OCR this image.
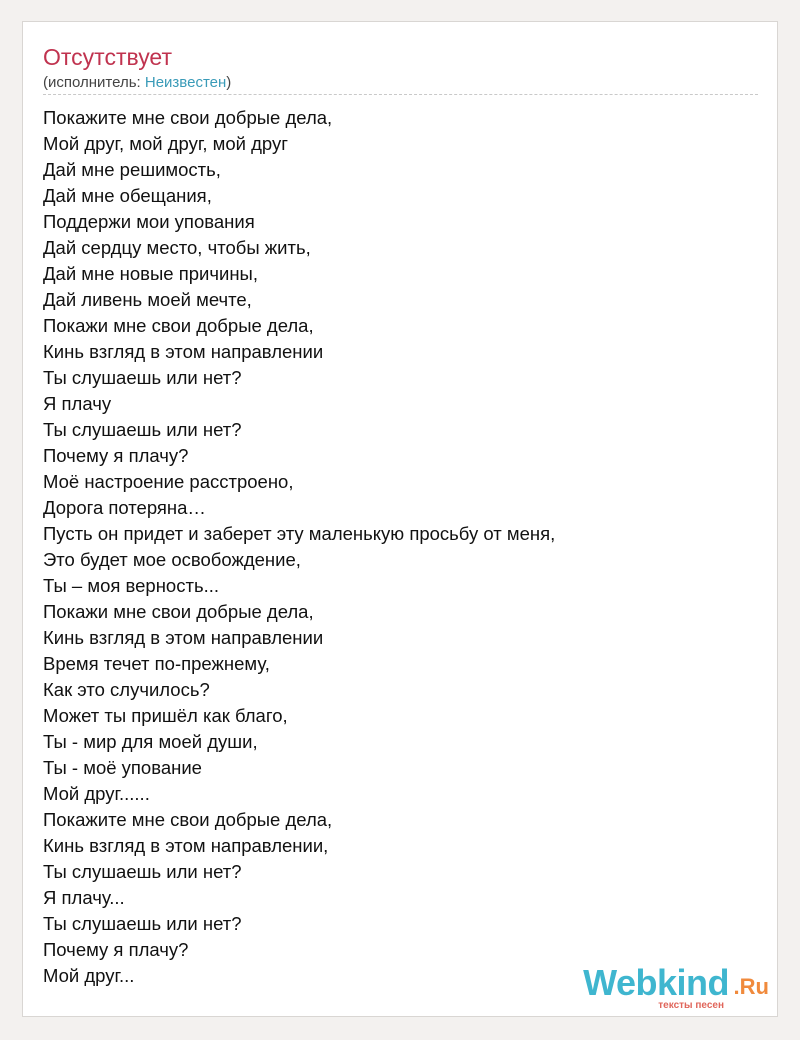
Отсутствует
(исполнитель: Неизвестен)
Покажите мне свои добрые дела,
Мой друг, мой друг, мой друг
Дай мне решимость,
Дай мне обещания,
Поддержи мои упования
Дай сердцу место, чтобы жить,
Дай мне новые причины,
Дай ливень моей мечте,
Покажи мне свои добрые дела,
Кинь взгляд в этом направлении
Ты слушаешь или нет?
Я плачу
Ты слушаешь или нет?
Почему я плачу?
Моё настроение расстроено,
Дорога потеряна…
Пусть он придет и заберет эту маленькую просьбу от меня,
Это будет мое освобождение,
Ты – моя верность...
Покажи мне свои добрые дела,
Кинь взгляд в этом направлении
Время течет по-прежнему,
Как это случилось?
Может ты пришёл как благо,
Ты - мир для моей души,
Ты - моё упование
Мой друг......
Покажите мне свои добрые дела,
Кинь взгляд в этом направлении,
Ты слушаешь или нет?
Я плачу...
Ты слушаешь или нет?
Почему я плачу?
Мой друг...	Webkind .Ru
тексты песен
